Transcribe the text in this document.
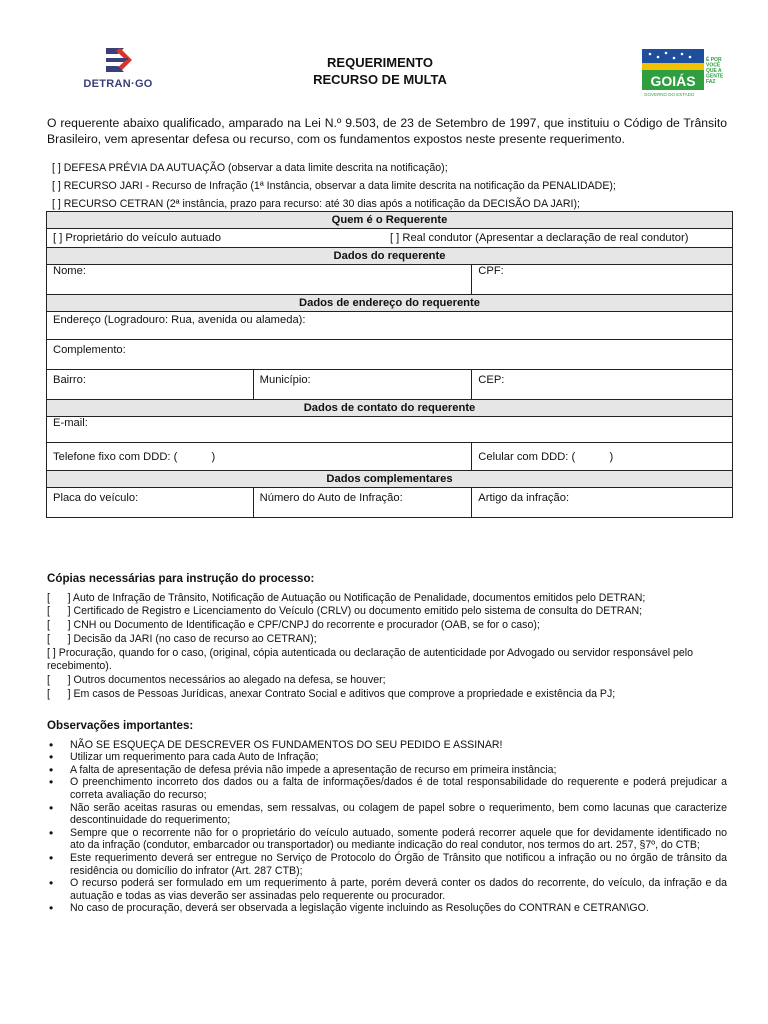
DETRAN·GO
REQUERIMENTO
RECURSO DE MULTA	GOIÁS
É POR VOCÊ QUE A GENTE FAZ
GOVERNO DO ESTADO
O requerente abaixo qualificado, amparado na Lei N.º 9.503, de 23 de Setembro de 1997, que instituiu o Código de Trânsito Brasileiro, vem apresentar defesa ou recurso, com os fundamentos expostos neste presente requerimento.
[ ] DEFESA PRÉVIA DA AUTUAÇÃO (observar a data limite descrita na notificação);
[ ] RECURSO JARI - Recurso de Infração (1ª Instância, observar a data limite descrita na notificação da PENALIDADE);
[ ] RECURSO CETRAN (2ª instância, prazo para recurso: até 30 dias após a notificação da DECISÃO DA JARI);
Quem é o Requerente			
[ ] Proprietário do veículo autuado		[ ] Real condutor (Apresentar a declaração de real condutor)	
Dados do requerente			
Nome:			CPF:
Dados de endereço do requerente			
Endereço (Logradouro: Rua, avenida ou alameda):			
Complemento:			
Bairro:	Município:		CEP:
Dados de contato do requerente			
E-mail:			
Telefone fixo com DDD: (           )			Celular com DDD: (           )
Dados complementares			
Placa do veículo:	Número do Auto de Infração:		Artigo da infração:
Cópias necessárias para instrução do processo:
[      ] Auto de Infração de Trânsito, Notificação de Autuação ou Notificação de Penalidade, documentos emitidos pelo DETRAN;
[      ] Certificado de Registro e Licenciamento do Veículo (CRLV) ou documento emitido pelo sistema de consulta do DETRAN;
[      ] CNH ou Documento de Identificação e CPF/CNPJ do recorrente e procurador (OAB, se for o caso);
[      ] Decisão da JARI (no caso de recurso ao CETRAN);
[ ] Procuração, quando for o caso, (original, cópia autenticada ou declaração de autenticidade por Advogado ou servidor responsável pelo recebimento).
[      ] Outros documentos necessários ao alegado na defesa, se houver;
[      ] Em casos de Pessoas Jurídicas, anexar Contrato Social e aditivos que comprove a propriedade e existência da PJ;
Observações importantes:
• NÃO SE ESQUEÇA DE DESCREVER OS FUNDAMENTOS DO SEU PEDIDO E ASSINAR!
• Utilizar um requerimento para cada Auto de Infração;
• A falta de apresentação de defesa prévia não impede a apresentação de recurso em primeira instância;
• O preenchimento incorreto dos dados ou a falta de informações/dados é de total responsabilidade do requerente e poderá prejudicar a correta avaliação do recurso;
• Não serão aceitas rasuras ou emendas, sem ressalvas, ou colagem de papel sobre o requerimento, bem como lacunas que caracterize descontinuidade do requerimento;
• Sempre que o recorrente não for o proprietário do veículo autuado, somente poderá recorrer aquele que for devidamente identificado no ato da infração (condutor, embarcador ou transportador) ou mediante indicação do real condutor, nos termos do art. 257, §7º, do CTB;
• Este requerimento deverá ser entregue no Serviço de Protocolo do Órgão de Trânsito que notificou a infração ou no órgão de trânsito da residência ou domicílio do infrator (Art. 287 CTB);
• O recurso poderá ser formulado em um requerimento à parte, porém deverá conter os dados do recorrente, do veículo, da infração e da autuação e todas as vias deverão ser assinadas pelo requerente ou procurador.
• No caso de procuração, deverá ser observada a legislação vigente incluindo as Resoluções do CONTRAN e CETRAN\GO.
